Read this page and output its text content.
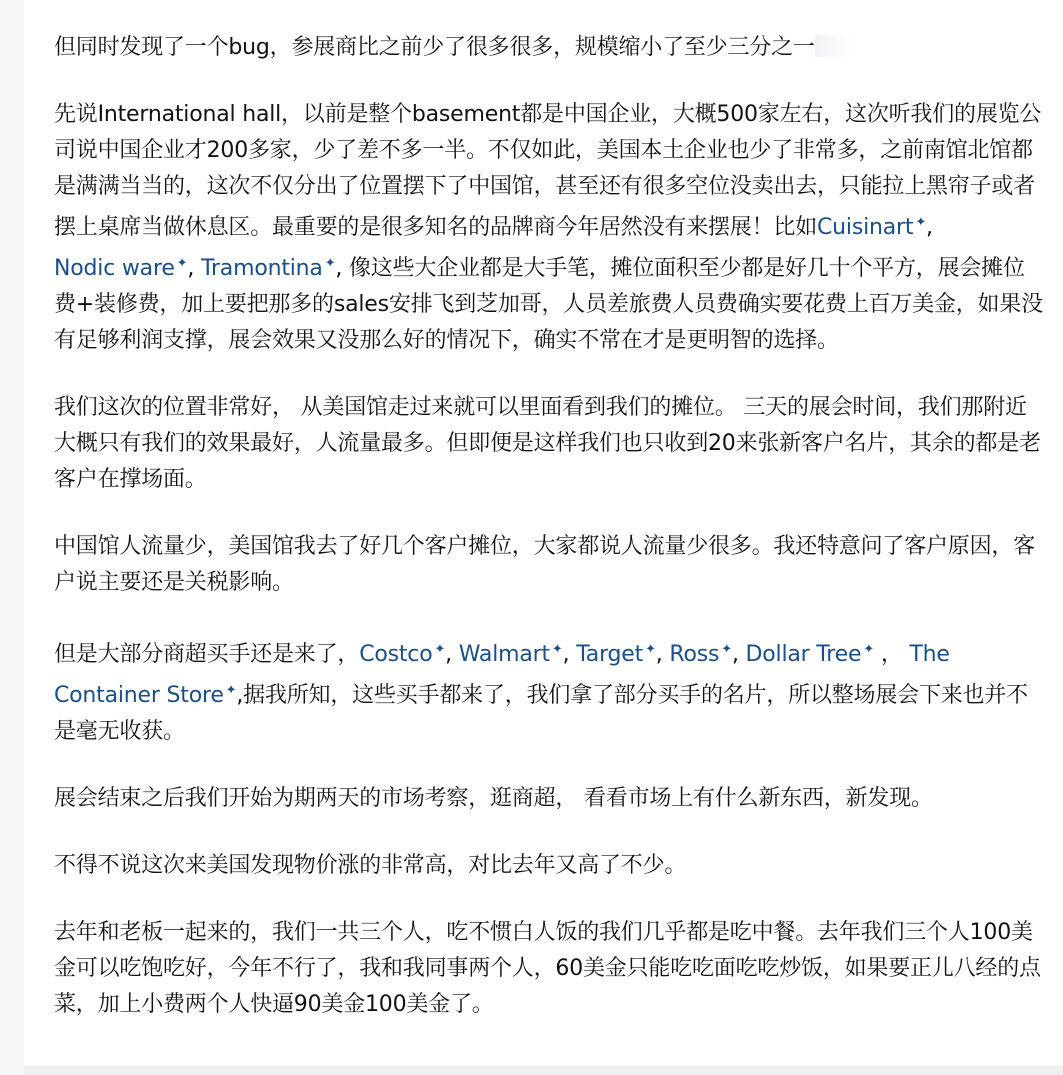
但同时发现了一个bug，参展商比之前少了很多很多，规模缩小了至少三分之一

先说International hall，以前是整个basement都是中国企业，大概500家左右，这次听我们的展览公司说中国企业才200多家，少了差不多一半。不仅如此，美国本土企业也少了非常多，之前南馆北馆都是满满当当的，这次不仅分出了位置摆下了中国馆，甚至还有很多空位没卖出去，只能拉上黑帘子或者摆上桌席当做休息区。最重要的是很多知名的品牌商今年居然没有来摆展！比如Cuisinart ✦, Nodic ware ✦, Tramontina ✦, 像这些大企业都是大手笔，摊位面积至少都是好几十个平方，展会摊位费+装修费，加上要把那多的sales安排飞到芝加哥，人员差旅费人员费确实要花费上百万美金，如果没有足够利润支撑，展会效果又没那么好的情况下，确实不常在才是更明智的选择。

我们这次的位置非常好， 从美国馆走过来就可以里面看到我们的摊位。 三天的展会时间，我们那附近大概只有我们的效果最好，人流量最多。但即便是这样我们也只收到20来张新客户名片，其余的都是老客户在撑场面。

中国馆人流量少，美国馆我去了好几个客户摊位，大家都说人流量少很多。我还特意问了客户原因，客户说主要还是关税影响。

但是大部分商超买手还是来了，Costco ✦, Walmart ✦, Target ✦, Ross ✦, Dollar Tree ✦ ， The Container Store ✦,据我所知，这些买手都来了，我们拿了部分买手的名片，所以整场展会下来也并不是毫无收获。

展会结束之后我们开始为期两天的市场考察，逛商超， 看看市场上有什么新东西，新发现。

不得不说这次来美国发现物价涨的非常高，对比去年又高了不少。

去年和老板一起来的，我们一共三个人，吃不惯白人饭的我们几乎都是吃中餐。去年我们三个人100美金可以吃饱吃好，今年不行了，我和我同事两个人，60美金只能吃吃面吃吃炒饭，如果要正儿八经的点菜，加上小费两个人快逼90美金100美金了。
